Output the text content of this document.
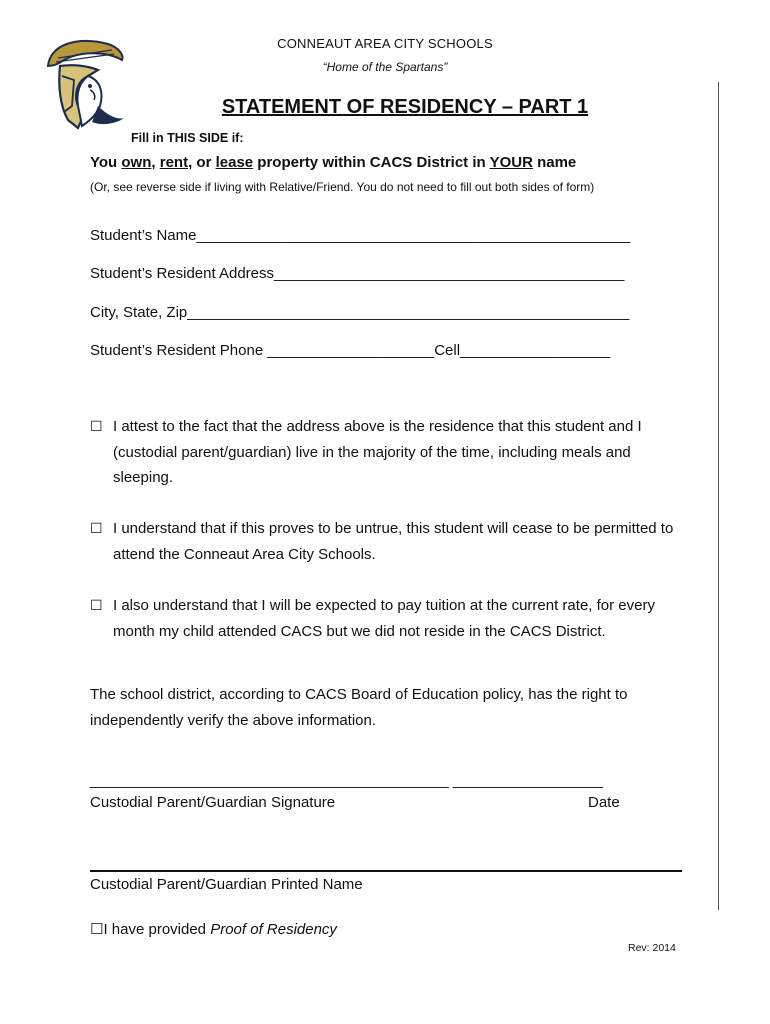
CONNEAUT AREA CITY SCHOOLS
“Home of the Spartans”
STATEMENT OF RESIDENCY – PART 1
Fill in THIS SIDE if:
You own, rent, or lease property within CACS District in YOUR name
(Or, see reverse side if living with Relative/Friend. You do not need to fill out both sides of form)
Student’s Name____________________________________________________
Student’s Resident Address__________________________________________
City, State, Zip_____________________________________________________
Student’s Resident Phone ____________________Cell__________________
☐ I attest to the fact that the address above is the residence that this student and I (custodial parent/guardian) live in the majority of the time, including meals and sleeping.
☐ I understand that if this proves to be untrue, this student will cease to be permitted to attend the Conneaut Area City Schools.
☐ I also understand that I will be expected to pay tuition at the current rate, for every month my child attended CACS but we did not reside in the CACS District.
The school district, according to CACS Board of Education policy, has the right to independently verify the above information.
___________________________________________ __________________
Custodial Parent/Guardian Signature	Date
Custodial Parent/Guardian Printed Name
☐I have provided Proof of Residency
Rev: 2014
